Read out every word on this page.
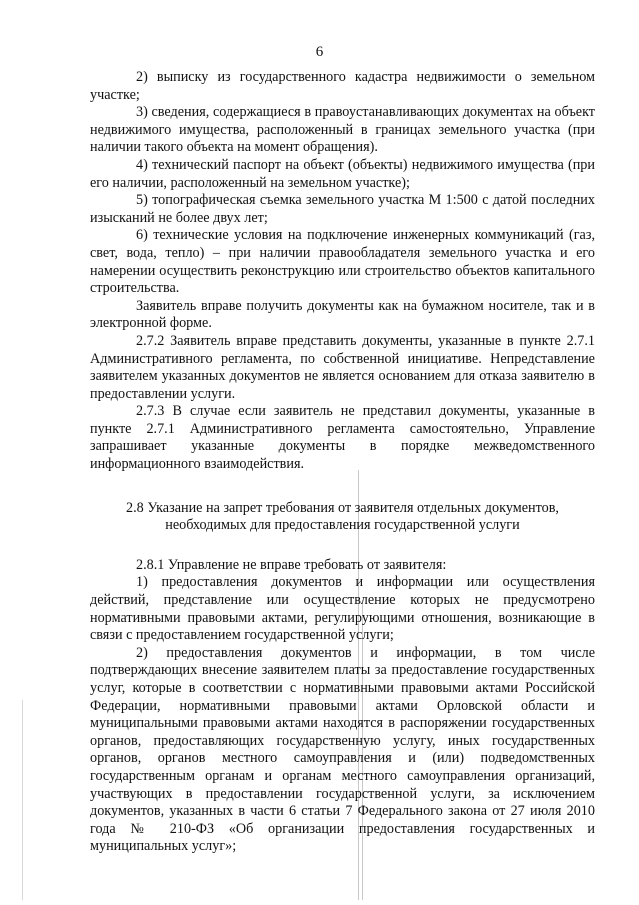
6

2) выписку из государственного кадастра недвижимости о земельном участке;

3) сведения, содержащиеся в правоустанавливающих документах на объект недвижимого имущества, расположенный в границах земельного участка (при наличии такого объекта на момент обращения).

4) технический паспорт на объект (объекты) недвижимого имущества (при его наличии, расположенный на земельном участке);

5) топографическая съемка земельного участка М 1:500 с датой последних изысканий не более двух лет;

6) технические условия на подключение инженерных коммуникаций (газ, свет, вода, тепло) – при наличии правообладателя земельного участка и его намерении осуществить реконструкцию или строительство объектов капитального строительства.

Заявитель вправе получить документы как на бумажном носителе, так и в электронной форме.

2.7.2 Заявитель вправе представить документы, указанные в пункте 2.7.1 Административного регламента, по собственной инициативе. Непредставление заявителем указанных документов не является основанием для отказа заявителю в предоставлении услуги.

2.7.3 В случае если заявитель не представил документы, указанные в пункте 2.7.1 Административного регламента самостоятельно, Управление запрашивает указанные документы в порядке межведомственного информационного взаимодействия.

2.8 Указание на запрет требования от заявителя отдельных документов,
необходимых для предоставления государственной услуги

2.8.1 Управление не вправе требовать от заявителя:

1) предоставления документов и информации или осуществления действий, представление или осуществление которых не предусмотрено нормативными правовыми актами, регулирующими отношения, возникающие в связи с предоставлением государственной услуги;

2) предоставления документов и информации, в том числе подтверждающих внесение заявителем платы за предоставление государственных услуг, которые в соответствии с нормативными правовыми актами Российской Федерации, нормативными правовыми актами Орловской области и муниципальными правовыми актами находятся в распоряжении государственных органов, предоставляющих государственную услугу, иных государственных органов, органов местного самоуправления и (или) подведомственных государственным органам и органам местного самоуправления организаций, участвующих в предоставлении государственной услуги, за исключением документов, указанных в части 6 статьи 7 Федерального закона от 27 июля 2010 года № 210-ФЗ «Об организации предоставления государственных и муниципальных услуг»;
